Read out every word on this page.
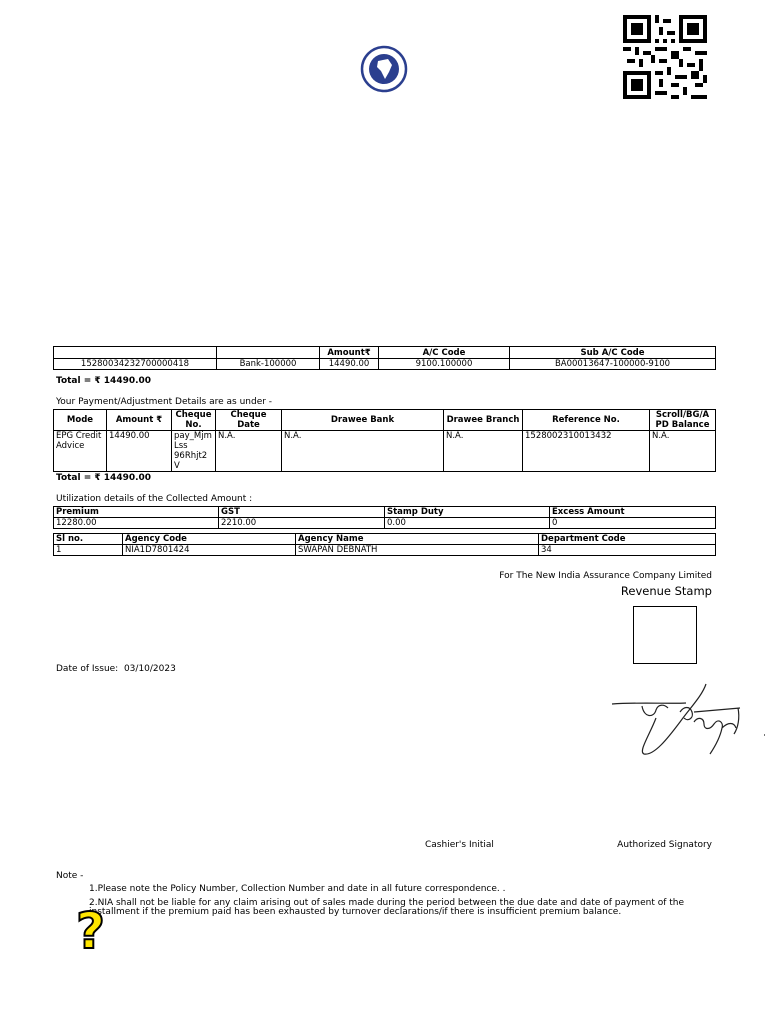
		Amount₹	A/C Code	Sub A/C Code
15280034232700000418	Bank-100000	14490.00	9100.100000	BA00013647-100000-9100
Total = ₹ 14490.00
Your Payment/Adjustment Details are as under -
Mode	Amount ₹	Cheque No.	Cheque Date	Drawee Bank	Drawee Branch	Reference No.	Scroll/BG/A PD Balance
EPG Credit Advice	14490.00	pay_Mjm Lss 96Rhjt2 V	N.A.	N.A.	N.A.	1528002310013432	N.A.
Total = ₹ 14490.00
Utilization details of the Collected Amount :
Premium	GST	Stamp Duty	Excess Amount
12280.00	2210.00	0.00	0
Sl no.	Agency Code	Agency Name	Department Code
1	NIA1D7801424	SWAPAN DEBNATH	34
For The New India Assurance Company Limited
Revenue Stamp
Date of Issue: 03/10/2023
Cashier's Initial	Authorized Signatory
Note -
1.Please note the Policy Number, Collection Number and date in all future correspondence. .
2.NIA shall not be liable for any claim arising out of sales made during the period between the due date and date of payment of the
installment if the premium paid has been exhausted by turnover declarations/if there is insufficient premium balance.
?
